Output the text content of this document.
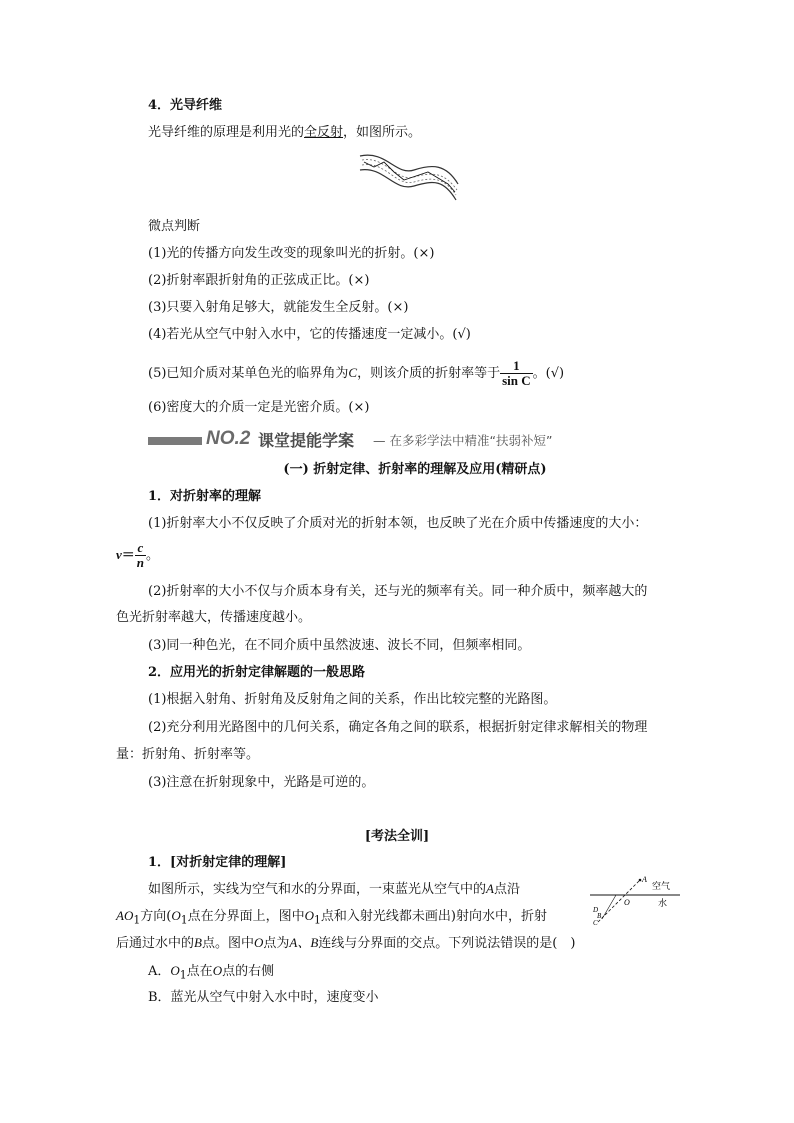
4．光导纤维
光导纤维的原理是利用光的全反射，如图所示。
微点判断
(1)光的传播方向发生改变的现象叫光的折射。(×)
(2)折射率跟折射角的正弦成正比。(×)
(3)只要入射角足够大，就能发生全反射。(×)
(4)若光从空气中射入水中，它的传播速度一定减小。(√)
(5)已知介质对某单色光的临界角为C，则该介质的折射率等于 $\frac{1}{\text{sin C}}$ 。(√)
(6)密度大的介质一定是光密介质。(×)
NO.2 课堂提能学案 — 在多彩学法中精准“扶弱补短”
(一) 折射定律、折射率的理解及应用(精研点)
1．对折射率的理解
(1)折射率大小不仅反映了介质对光的折射本领，也反映了光在介质中传播速度的大小：
$v= \frac{c}{n}$ 。
(2)折射率的大小不仅与介质本身有关，还与光的频率有关。同一种介质中，频率越大的
色光折射率越大，传播速度越小。
(3)同一种色光，在不同介质中虽然波速、波长不同，但频率相同。
2．应用光的折射定律解题的一般思路
(1)根据入射角、折射角及反射角之间的关系，作出比较完整的光路图。
(2)充分利用光路图中的几何关系，确定各角之间的联系，根据折射定律求解相关的物理
量：折射角、折射率等。
(3)注意在折射现象中，光路是可逆的。
[考法全训]
1．[对折射定律的理解]
如图所示，实线为空气和水的分界面，一束蓝光从空气中的A点沿
$AO_1$方向($O_1$点在分界面上，图中$O_1$点和入射光线都未画出)射向水中，折射
后通过水中的B点。图中O点为A、B连线与分界面的交点。下列说法错误的是(　)
A．$O_1$点在O点的右侧
B．蓝光从空气中射入水中时，速度变小
A
O
空气
水
D
B
C
